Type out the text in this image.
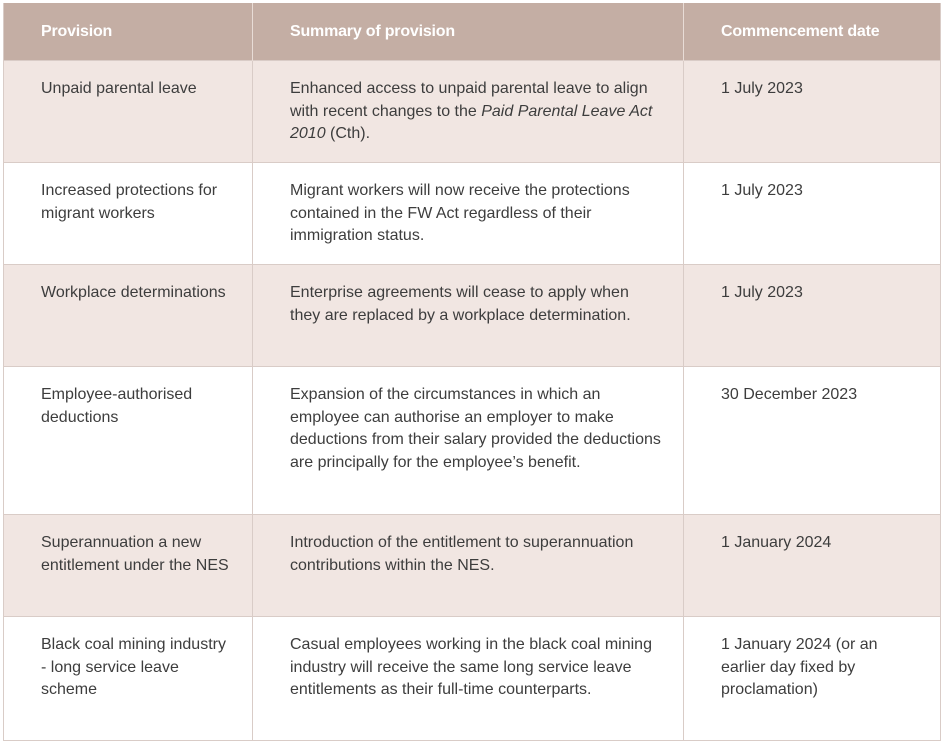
Provision	Summary of provision	Commencement date
Unpaid parental leave	Enhanced access to unpaid parental leave to align with recent changes to the Paid Parental Leave Act 2010 (Cth).	1 July 2023
Increased protections for migrant workers	Migrant workers will now receive the protections contained in the FW Act regardless of their immigration status.	1 July 2023
Workplace determinations	Enterprise agreements will cease to apply when they are replaced by a workplace determination.	1 July 2023
Employee-authorised deductions	Expansion of the circumstances in which an employee can authorise an employer to make deductions from their salary provided the deductions are principally for the employee’s benefit.	30 December 2023
Superannuation a new entitlement under the NES	Introduction of the entitlement to superannuation contributions within the NES.	1 January 2024
Black coal mining industry - long service leave scheme	Casual employees working in the black coal mining industry will receive the same long service leave entitlements as their full-time counterparts.	1 January 2024 (or an earlier day fixed by proclamation)
